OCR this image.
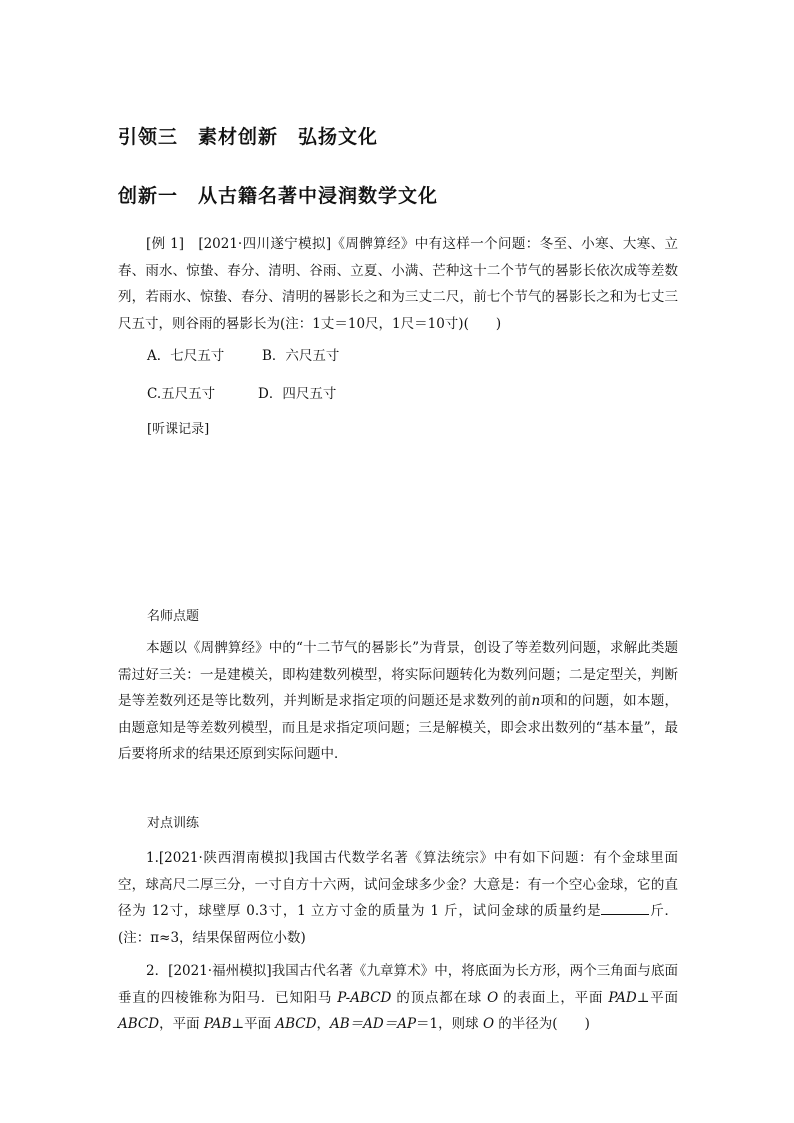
引领三　素材创新　弘扬文化
创新一　从古籍名著中浸润数学文化

[例 1]　 [2021·四川遂宁模拟]《周髀算经》中有这样一个问题：冬至、小寒、大寒、立春、雨水、惊蛰、春分、清明、谷雨、立夏、小满、芒种这十二个节气的晷影长依次成等差数列，若雨水、惊蛰、春分、清明的晷影长之和为三丈二尺，前七个节气的晷影长之和为七丈三尺五寸，则谷雨的晷影长为(注：1丈＝10尺，1尺＝10寸)(　　)

A．七尺五寸	B．六尺五寸
C.五尺五寸	D．四尺五寸
[听课记录]
名师点题

本题以《周髀算经》中的“十二节气的晷影长”为背景，创设了等差数列问题，求解此类题需过好三关：一是建模关，即构建数列模型，将实际问题转化为数列问题；二是定型关，判断是等差数列还是等比数列，并判断是求指定项的问题还是求数列的前n项和的问题，如本题，由题意知是等差数列模型，而且是求指定项问题；三是解模关，即会求出数列的“基本量”，最后要将所求的结果还原到实际问题中．

对点训练

1.[2021·陕西渭南模拟]我国古代数学名著《算法统宗》中有如下问题：有个金球里面空，球高尺二厚三分，一寸自方十六两，试问金球多少金？大意是：有一个空心金球，它的直径为 12寸，球壁厚 0.3寸，1 立方寸金的质量为 1 斤，试问金球的质量约是	斤．(注：π≈3，结果保留两位小数)

2．[2021·福州模拟]我国古代名著《九章算术》中，将底面为长方形，两个三角面与底面垂直的四棱锥称为阳马．已知阳马 P-ABCD 的顶点都在球 O 的表面上，平面 PAD⊥平面 ABCD，平面 PAB⊥平面 ABCD，AB＝AD＝AP＝1，则球 O 的半径为(　　)
